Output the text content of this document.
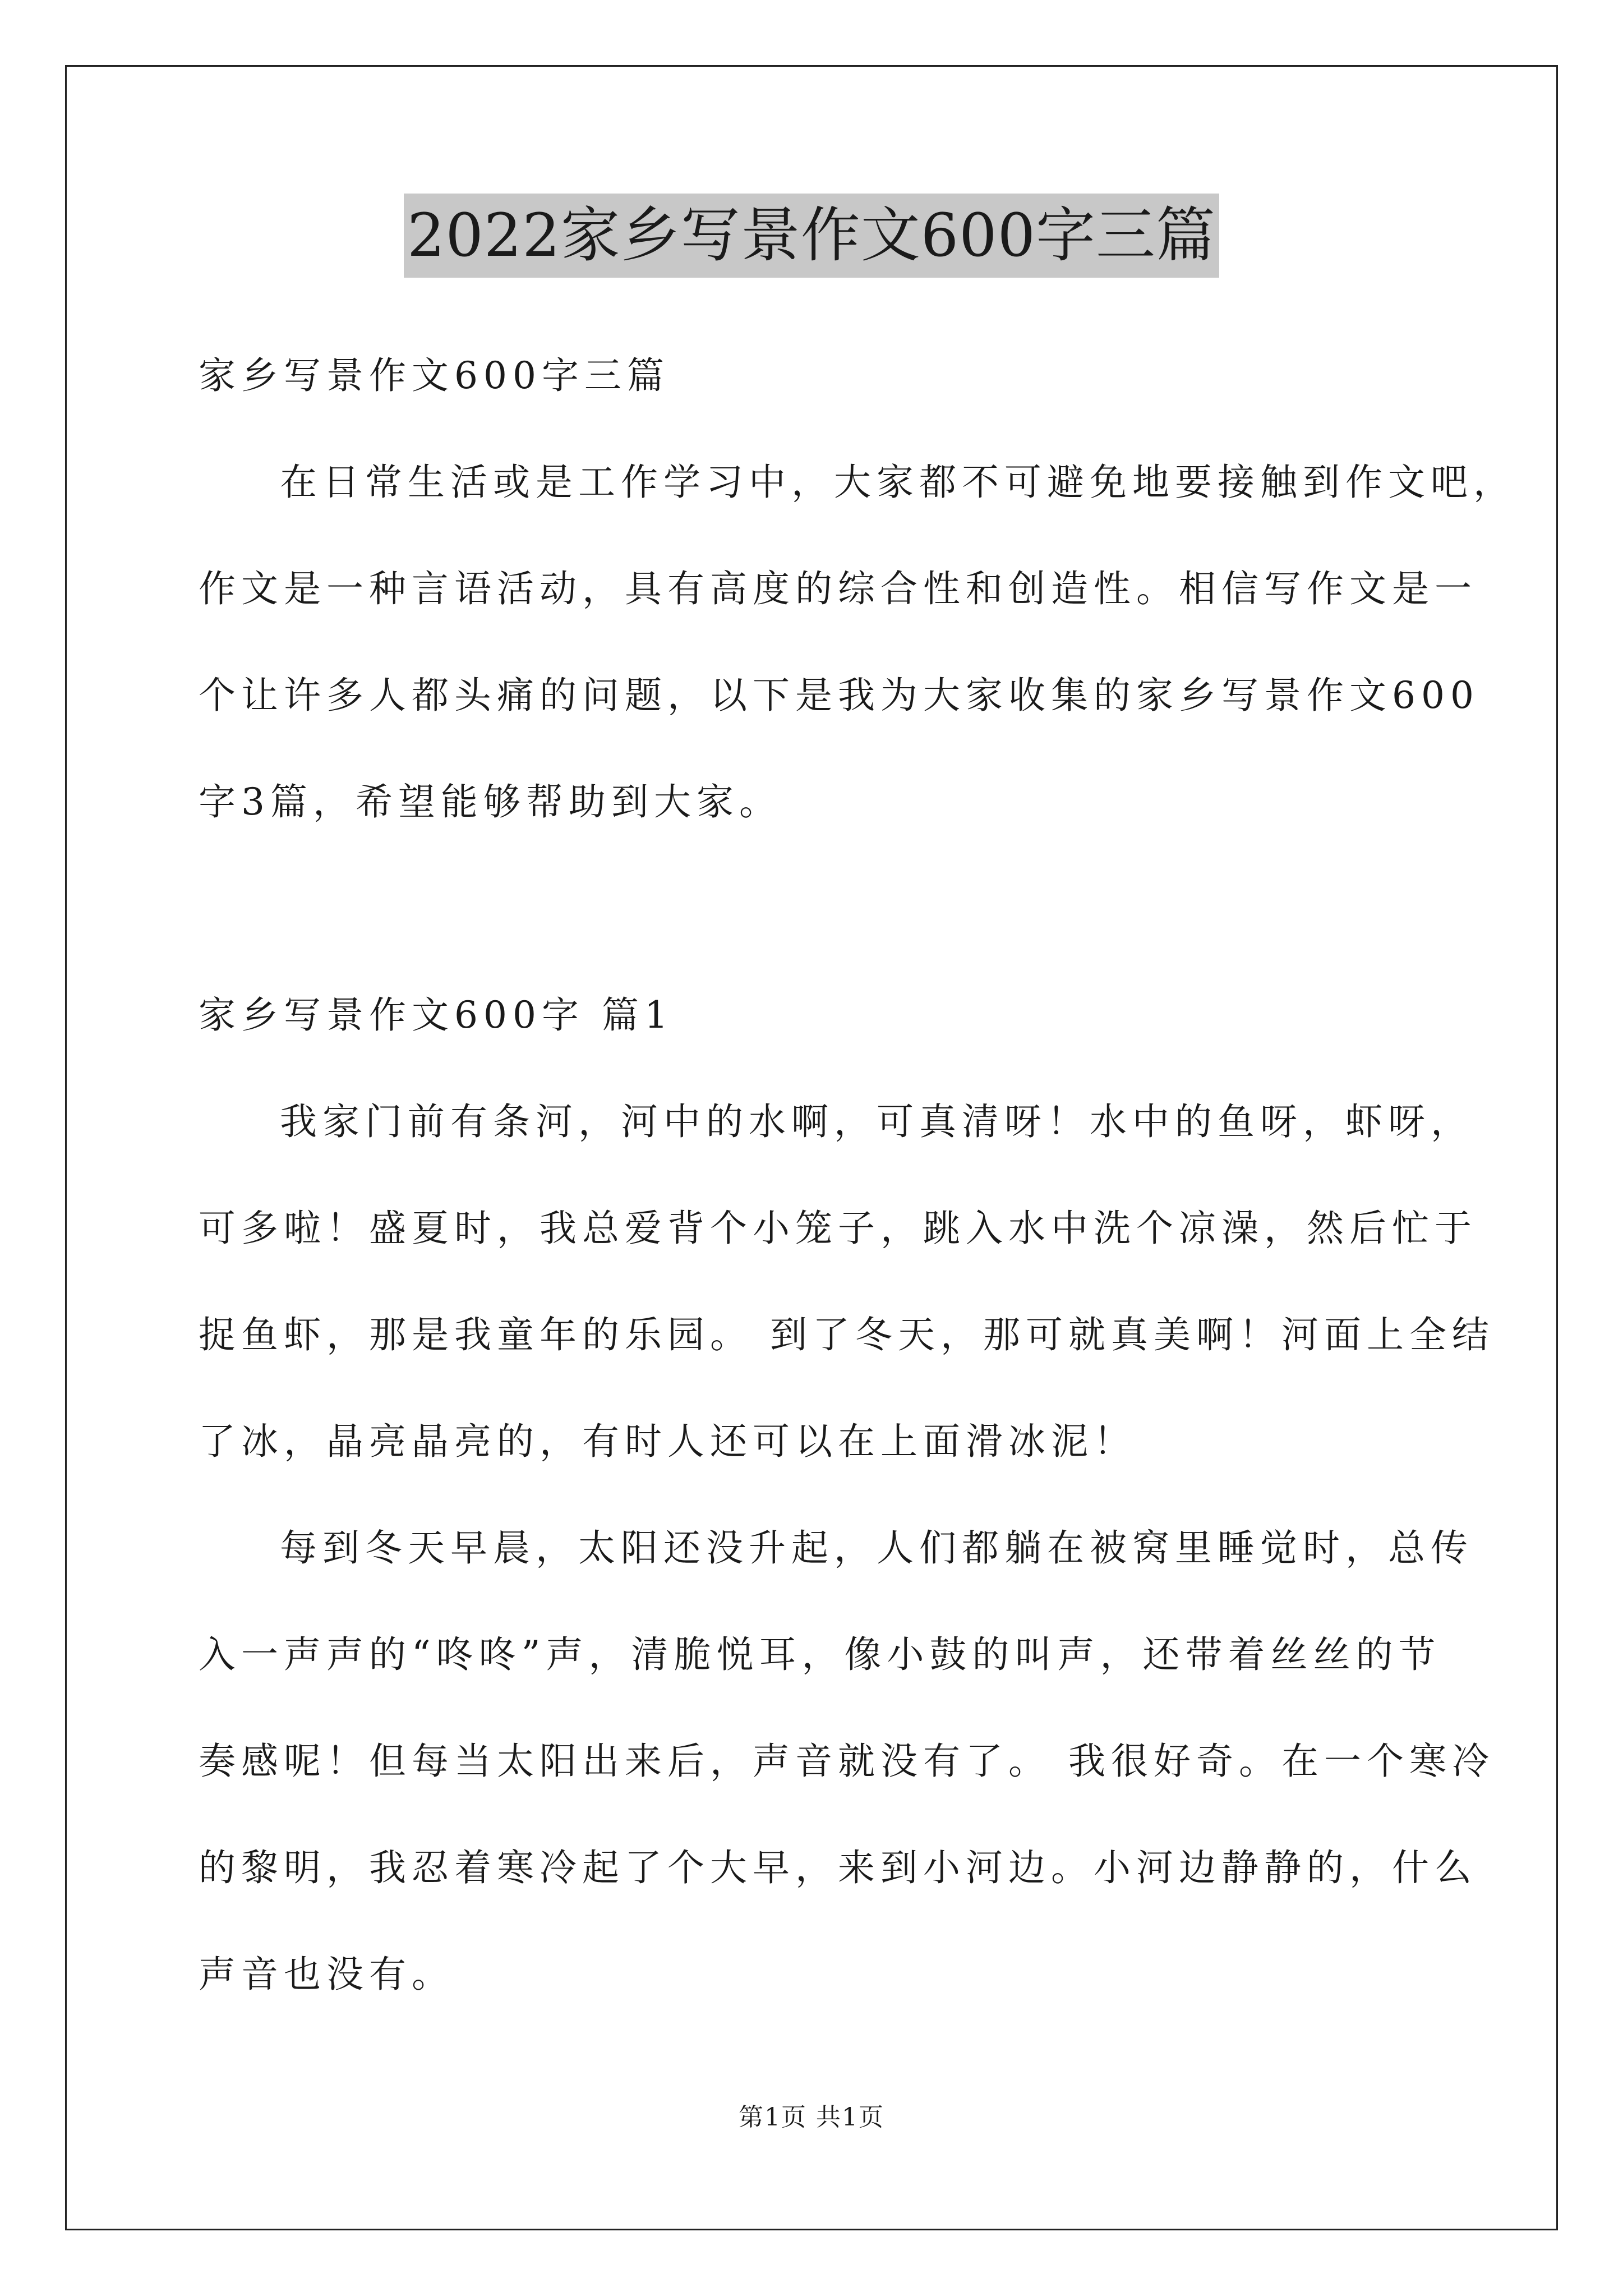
2022家乡写景作文600字三篇
家乡写景作文600字三篇
在日常生活或是工作学习中，大家都不可避免地要接触到作文吧，
作文是一种言语活动，具有高度的综合性和创造性。相信写作文是一
个让许多人都头痛的问题，以下是我为大家收集的家乡写景作文600
字3篇，希望能够帮助到大家。
家乡写景作文600字 篇1
我家门前有条河，河中的水啊，可真清呀！水中的鱼呀，虾呀，
可多啦！盛夏时，我总爱背个小笼子，跳入水中洗个凉澡，然后忙于
捉鱼虾，那是我童年的乐园。 到了冬天，那可就真美啊！河面上全结
了冰，晶亮晶亮的，有时人还可以在上面滑冰泥！
每到冬天早晨，太阳还没升起，人们都躺在被窝里睡觉时，总传
入一声声的“咚咚”声，清脆悦耳，像小鼓的叫声，还带着丝丝的节
奏感呢！但每当太阳出来后，声音就没有了。 我很好奇。在一个寒冷
的黎明，我忍着寒冷起了个大早，来到小河边。小河边静静的，什么
声音也没有。
第1页 共1页
